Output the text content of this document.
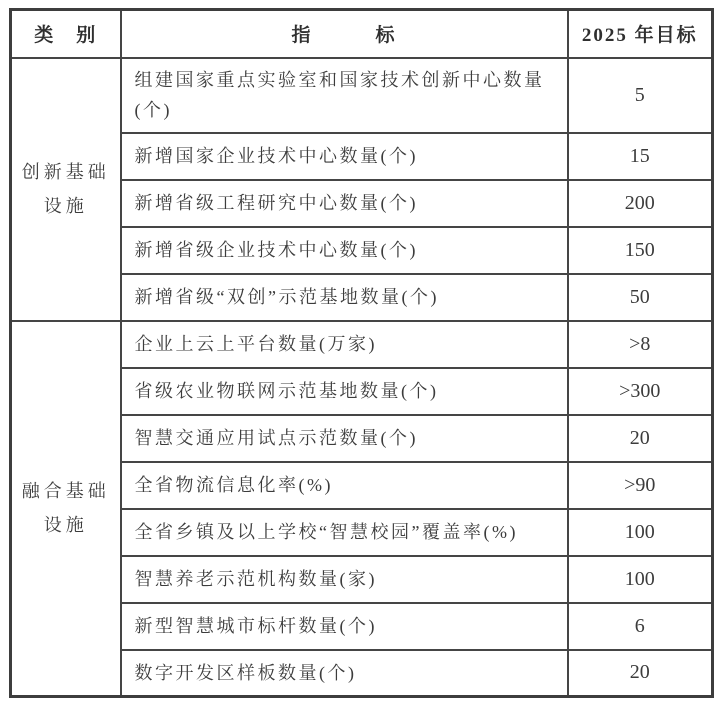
类　别	指　　　标	2025 年目标
创新基础设施	组建国家重点实验室和国家技术创新中心数量(个)	5
	新增国家企业技术中心数量(个)	15
	新增省级工程研究中心数量(个)	200
	新增省级企业技术中心数量(个)	150
	新增省级“双创”示范基地数量(个)	50
融合基础设施	企业上云上平台数量(万家)	>8
	省级农业物联网示范基地数量(个)	>300
	智慧交通应用试点示范数量(个)	20
	全省物流信息化率(%)	>90
	全省乡镇及以上学校“智慧校园”覆盖率(%)	100
	智慧养老示范机构数量(家)	100
	新型智慧城市标杆数量(个)	6
	数字开发区样板数量(个)	20
